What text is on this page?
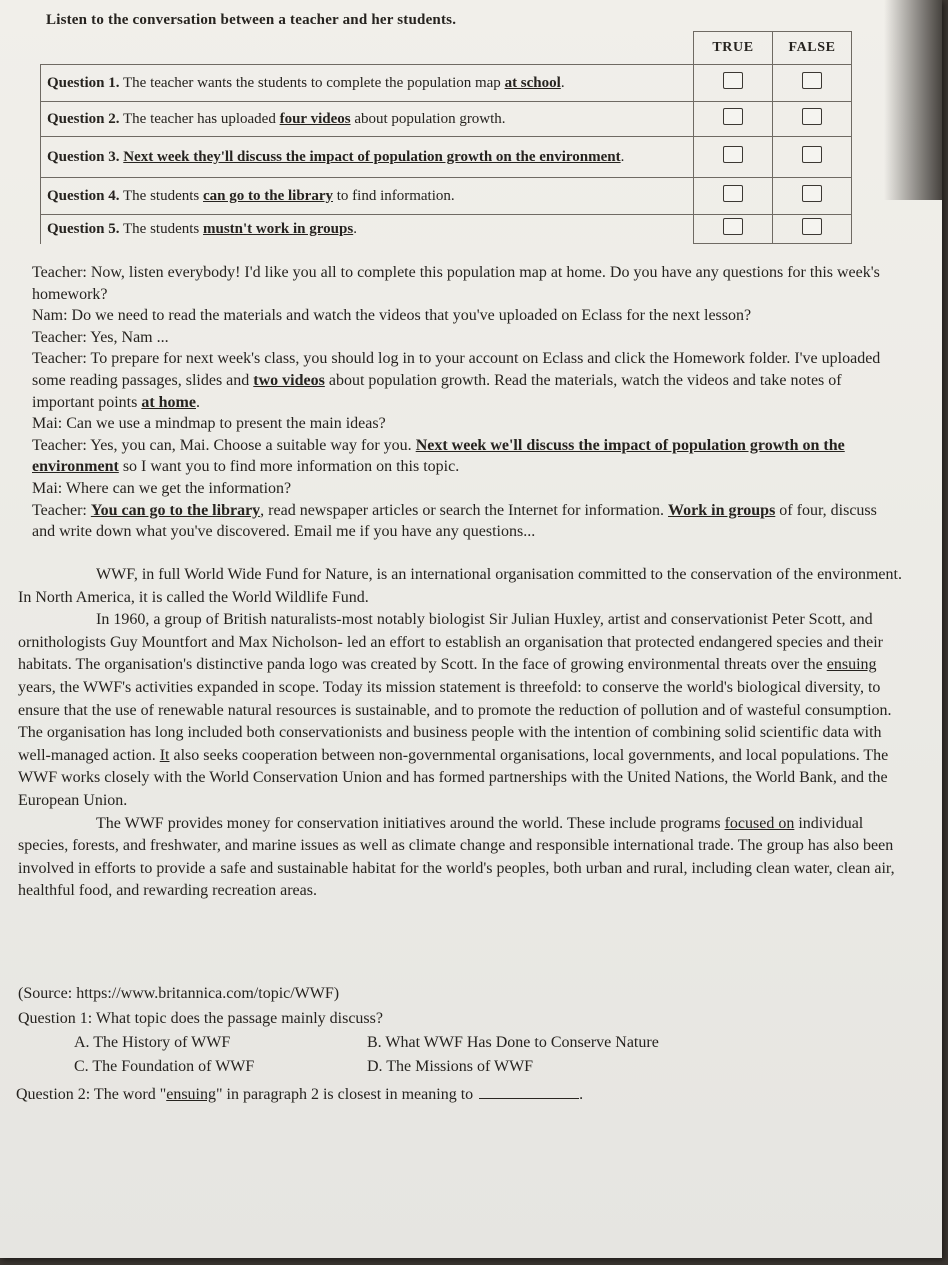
Listen to the conversation between a teacher and her students.
	TRUE	FALSE
Question 1. The teacher wants the students to complete the population map at school.		
Question 2. The teacher has uploaded four videos about population growth.		
Question 3. Next week they'll discuss the impact of population growth on the environment.		
Question 4. The students can go to the library to find information.		
Question 5. The students mustn't work in groups.		

Teacher: Now, listen everybody! I'd like you all to complete this population map at home. Do you have any questions for this week's homework?

Nam: Do we need to read the materials and watch the videos that you've uploaded on Eclass for the next lesson?

Teacher: Yes, Nam ...

Teacher: To prepare for next week's class, you should log in to your account on Eclass and click the Homework folder. I've uploaded some reading passages, slides and two videos about population growth. Read the materials, watch the videos and take notes of important points at home.

Mai: Can we use a mindmap to present the main ideas?

Teacher: Yes, you can, Mai. Choose a suitable way for you. Next week we'll discuss the impact of population growth on the environment so I want you to find more information on this topic.

Mai: Where can we get the information?

Teacher: You can go to the library, read newspaper articles or search the Internet for information. Work in groups of four, discuss and write down what you've discovered. Email me if you have any questions...

WWF, in full World Wide Fund for Nature, is an international organisation committed to the conservation of the environment. In North America, it is called the World Wildlife Fund.

In 1960, a group of British naturalists-most notably biologist Sir Julian Huxley, artist and conservationist Peter Scott, and ornithologists Guy Mountfort and Max Nicholson- led an effort to establish an organisation that protected endangered species and their habitats. The organisation's distinctive panda logo was created by Scott. In the face of growing environmental threats over the ensuing years, the WWF's activities expanded in scope. Today its mission statement is threefold: to conserve the world's biological diversity, to ensure that the use of renewable natural resources is sustainable, and to promote the reduction of pollution and of wasteful consumption. The organisation has long included both conservationists and business people with the intention of combining solid scientific data with well-managed action. It also seeks cooperation between non-governmental organisations, local governments, and local populations. The WWF works closely with the World Conservation Union and has formed partnerships with the United Nations, the World Bank, and the European Union.

The WWF provides money for conservation initiatives around the world. These include programs focused on individual species, forests, and freshwater, and marine issues as well as climate change and responsible international trade. The group has also been involved in efforts to provide a safe and sustainable habitat for the world's peoples, both urban and rural, including clean water, clean air, healthful food, and rewarding recreation areas.

(Source: https://www.britannica.com/topic/WWF)
Question 1: What topic does the passage mainly discuss?
A. The History of WWF	B. What WWF Has Done to Conserve Nature
C. The Foundation of WWF	D. The Missions of WWF
Question 2: The word "ensuing" in paragraph 2 is closest in meaning to	.
